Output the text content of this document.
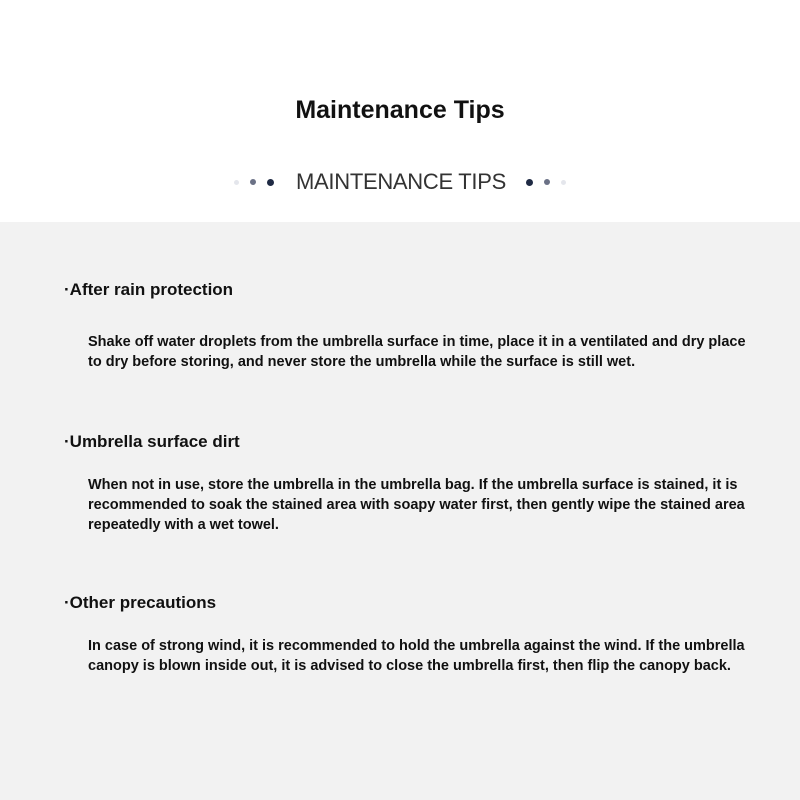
Maintenance Tips
MAINTENANCE TIPS
·After rain protection
Shake off water droplets from the umbrella surface in time, place it in a ventilated and dry place to dry before storing, and never store the umbrella while the surface is still wet.
·Umbrella surface dirt
When not in use, store the umbrella in the umbrella bag. If the umbrella surface is stained, it is recommended to soak the stained area with soapy water first, then gently wipe the stained area repeatedly with a wet towel.
·Other precautions
In case of strong wind, it is recommended to hold the umbrella against the wind. If the umbrella canopy is blown inside out, it is advised to close the umbrella first, then flip the canopy back.
